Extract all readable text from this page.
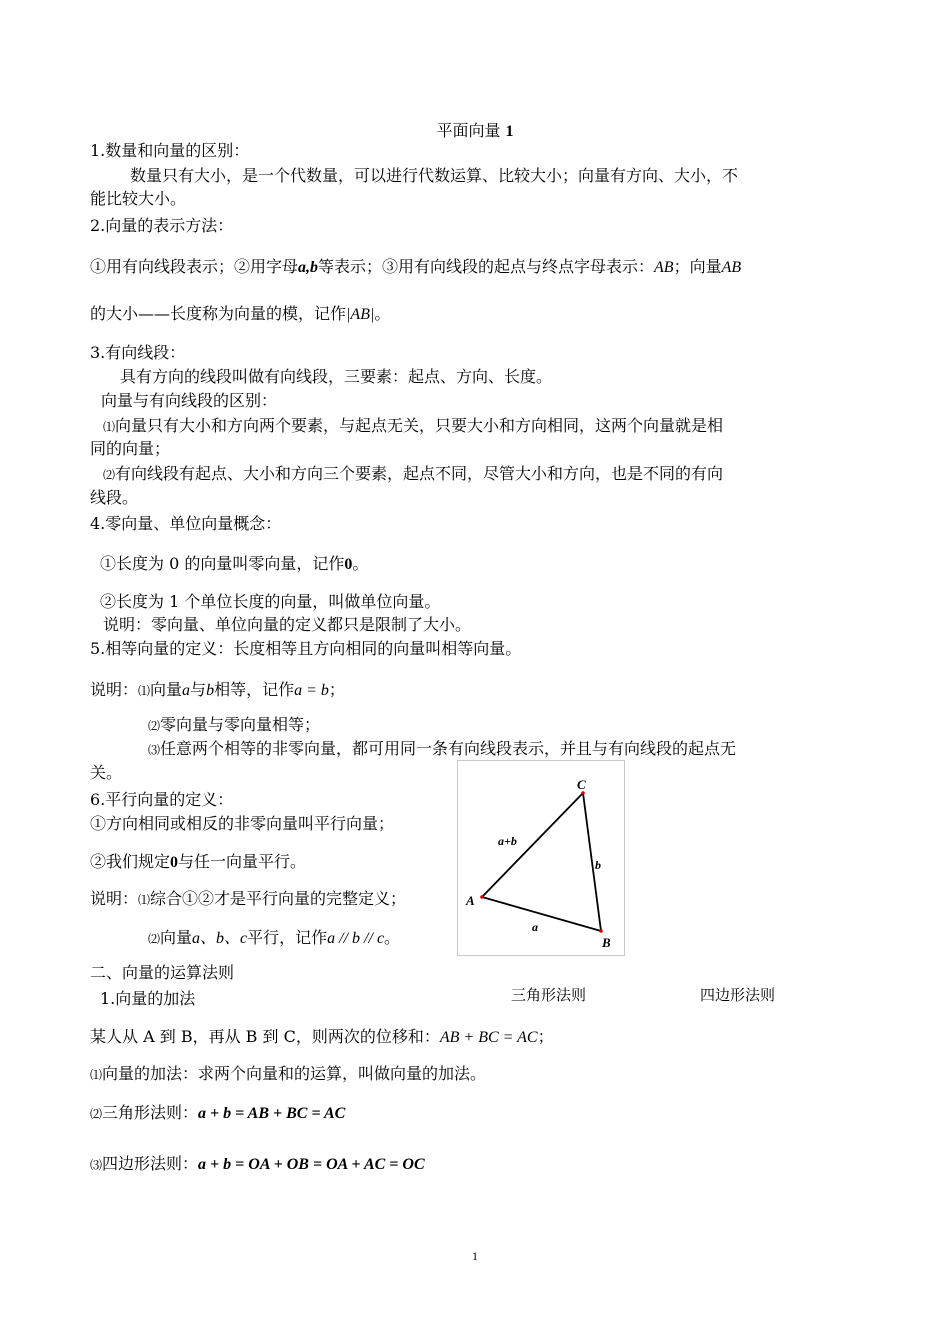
平面向量 1
1.数量和向量的区别：
数量只有大小，是一个代数量，可以进行代数运算、比较大小；向量有方向、大小，不
能比较大小。
2.向量的表示方法：
①用有向线段表示；②用字母a,b等表示；③用有向线段的起点与终点字母表示：AB；向量AB
的大小——长度称为向量的模，记作|AB|。
3.有向线段：
具有方向的线段叫做有向线段，三要素：起点、方向、长度。
向量与有向线段的区别：
⑴向量只有大小和方向两个要素，与起点无关，只要大小和方向相同，这两个向量就是相
同的向量；
⑵有向线段有起点、大小和方向三个要素，起点不同，尽管大小和方向，也是不同的有向
线段。
4.零向量、单位向量概念：
①长度为 0 的向量叫零向量，记作0。
②长度为 1 个单位长度的向量，叫做单位向量。
说明：零向量、单位向量的定义都只是限制了大小。
5.相等向量的定义：长度相等且方向相同的向量叫相等向量。
说明：⑴向量a与b相等，记作a = b；
⑵零向量与零向量相等；
⑶任意两个相等的非零向量，都可用同一条有向线段表示，并且与有向线段的起点无
关。
6.平行向量的定义：
①方向相同或相反的非零向量叫平行向量；
②我们规定0与任一向量平行。
说明：⑴综合①②才是平行向量的完整定义；
⑵向量a、b、c平行，记作a // b // c。
A
C
B
a+b
b
a
二、向量的运算法则
1.向量的加法	三角形法则	四边形法则
某人从 A 到 B，再从 B 到 C，则两次的位移和：AB + BC = AC；
⑴向量的加法：求两个向量和的运算，叫做向量的加法。
⑵三角形法则：a + b = AB + BC = AC
⑶四边形法则：a + b = OA + OB = OA + AC = OC
1
